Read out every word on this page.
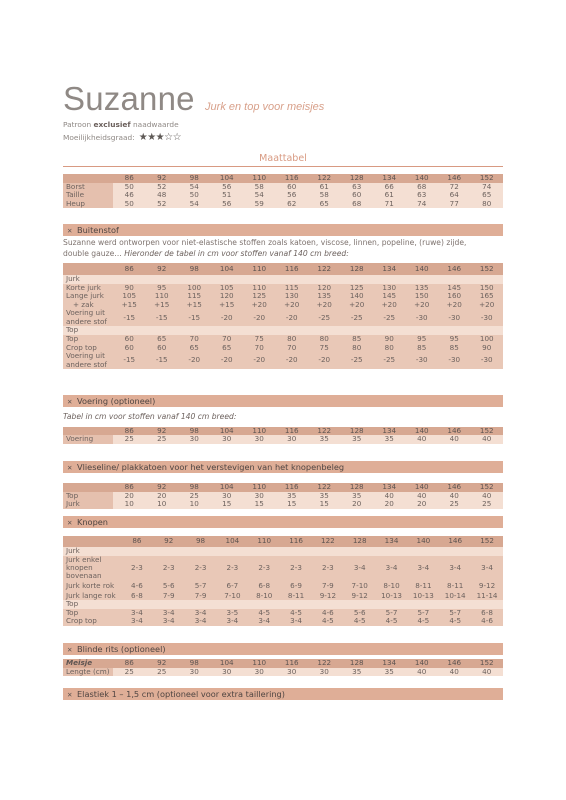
Suzanne Jurk en top voor meisjes
Patroon exclusief naadwaarde
Moeilijkheidsgraad: ★★★☆☆
Maattabel
	86	92	98	104	110	116	122	128	134	140	146	152
Borst	50	52	54	56	58	60	61	63	66	68	72	74
Taille	46	48	50	51	54	56	58	60	61	63	64	65
Heup	50	52	54	56	59	62	65	68	71	74	77	80
✕ Buitenstof
Suzanne werd ontworpen voor niet-elastische stoffen zoals katoen, viscose, linnen, popeline, (ruwe) zijde,
double gauze… Hieronder de tabel in cm voor stoffen vanaf 140 cm breed:
	86	92	98	104	110	116	122	128	134	140	146	152
Jurk												
Korte jurk	90	95	100	105	110	115	120	125	130	135	145	150
Lange jurk	105	110	115	120	125	130	135	140	145	150	160	165
+ zak	+15	+15	+15	+15	+20	+20	+20	+20	+20	+20	+20	+20
Voering uit
andere stof	-15	-15	-15	-20	-20	-20	-25	-25	-25	-30	-30	-30
Top												
Top	60	65	70	70	75	80	80	85	90	95	95	100
Crop top	60	60	65	65	70	70	75	80	80	85	85	90
Voering uit
andere stof	-15	-15	-20	-20	-20	-20	-20	-25	-25	-30	-30	-30
✕ Voering (optioneel)
Tabel in cm voor stoffen vanaf 140 cm breed:
	86	92	98	104	110	116	122	128	134	140	146	152
Voering	25	25	30	30	30	30	35	35	35	40	40	40
✕ Vlieseline/ plakkatoen voor het verstevigen van het knopenbeleg
	86	92	98	104	110	116	122	128	134	140	146	152
Top	20	20	25	30	30	35	35	35	40	40	40	40
Jurk	10	10	10	15	15	15	15	20	20	20	25	25
✕ Knopen
	86	92	98	104	110	116	122	128	134	140	146	152
Jurk												
Jurk enkel
knopen
bovenaan	2-3	2-3	2-3	2-3	2-3	2-3	2-3	3-4	3-4	3-4	3-4	3-4
Jurk korte rok	4-6	5-6	5-7	6-7	6-8	6-9	7-9	7-10	8-10	8-11	8-11	9-12
Jurk lange rok	6-8	7-9	7-9	7-10	8-10	8-11	9-12	9-12	10-13	10-13	10-14	11-14
Top												
Top	3-4	3-4	3-4	3-5	4-5	4-5	4-6	5-6	5-7	5-7	5-7	6-8
Crop top	3-4	3-4	3-4	3-4	3-4	3-4	4-5	4-5	4-5	4-5	4-5	4-6
✕ Blinde rits (optioneel)
Meisje	86	92	98	104	110	116	122	128	134	140	146	152
Lengte (cm)	25	25	30	30	30	30	30	35	35	40	40	40
✕ Elastiek 1 – 1,5 cm (optioneel voor extra taillering)
